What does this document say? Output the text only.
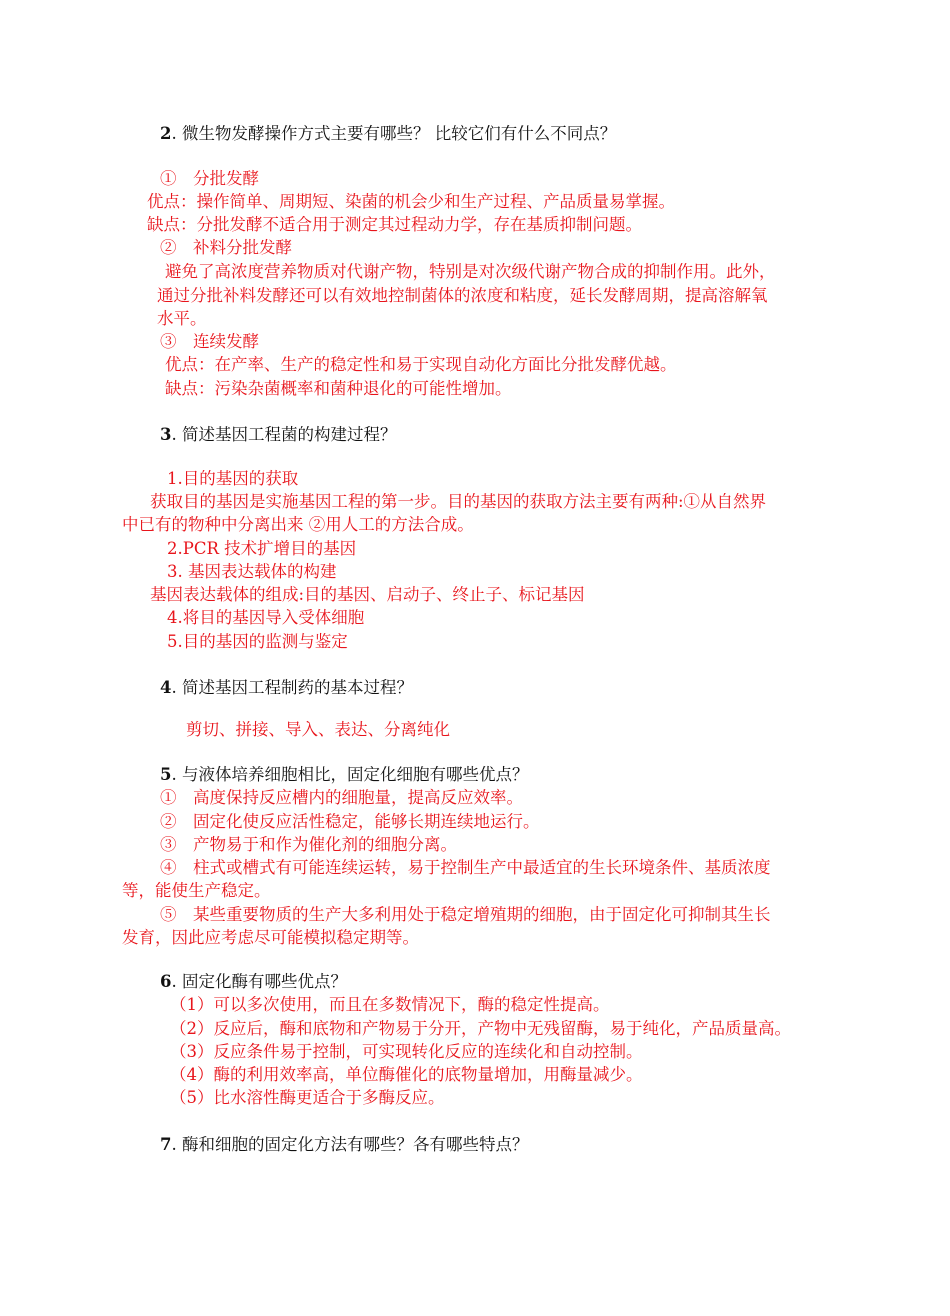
2. 微生物发酵操作方式主要有哪些？ 比较它们有什么不同点？
①　分批发酵
优点：操作简单、周期短、染菌的机会少和生产过程、产品质量易掌握。
缺点：分批发酵不适合用于测定其过程动力学，存在基质抑制问题。
②　补料分批发酵
避免了高浓度营养物质对代谢产物，特别是对次级代谢产物合成的抑制作用。此外，
通过分批补料发酵还可以有效地控制菌体的浓度和粘度，延长发酵周期，提高溶解氧
水平。
③　连续发酵
优点：在产率、生产的稳定性和易于实现自动化方面比分批发酵优越。
缺点：污染杂菌概率和菌种退化的可能性增加。
3. 简述基因工程菌的构建过程？
1.目的基因的获取
获取目的基因是实施基因工程的第一步。目的基因的获取方法主要有两种:①从自然界
中已有的物种中分离出来 ②用人工的方法合成。
2.PCR 技术扩增目的基因
3. 基因表达载体的构建
基因表达载体的组成:目的基因、启动子、终止子、标记基因
4.将目的基因导入受体细胞
5.目的基因的监测与鉴定
4. 简述基因工程制药的基本过程？
剪切、拼接、导入、表达、分离纯化
5. 与液体培养细胞相比，固定化细胞有哪些优点？
①　高度保持反应槽内的细胞量，提高反应效率。
②　固定化使反应活性稳定，能够长期连续地运行。
③　产物易于和作为催化剂的细胞分离。
④　柱式或槽式有可能连续运转，易于控制生产中最适宜的生长环境条件、基质浓度
等，能使生产稳定。
⑤　某些重要物质的生产大多利用处于稳定增殖期的细胞，由于固定化可抑制其生长
发育，因此应考虑尽可能模拟稳定期等。
6. 固定化酶有哪些优点？
（1）可以多次使用，而且在多数情况下，酶的稳定性提高。
（2）反应后，酶和底物和产物易于分开，产物中无残留酶，易于纯化，产品质量高。
（3）反应条件易于控制，可实现转化反应的连续化和自动控制。
（4）酶的利用效率高，单位酶催化的底物量增加，用酶量减少。
（5）比水溶性酶更适合于多酶反应。
7. 酶和细胞的固定化方法有哪些？各有哪些特点？
